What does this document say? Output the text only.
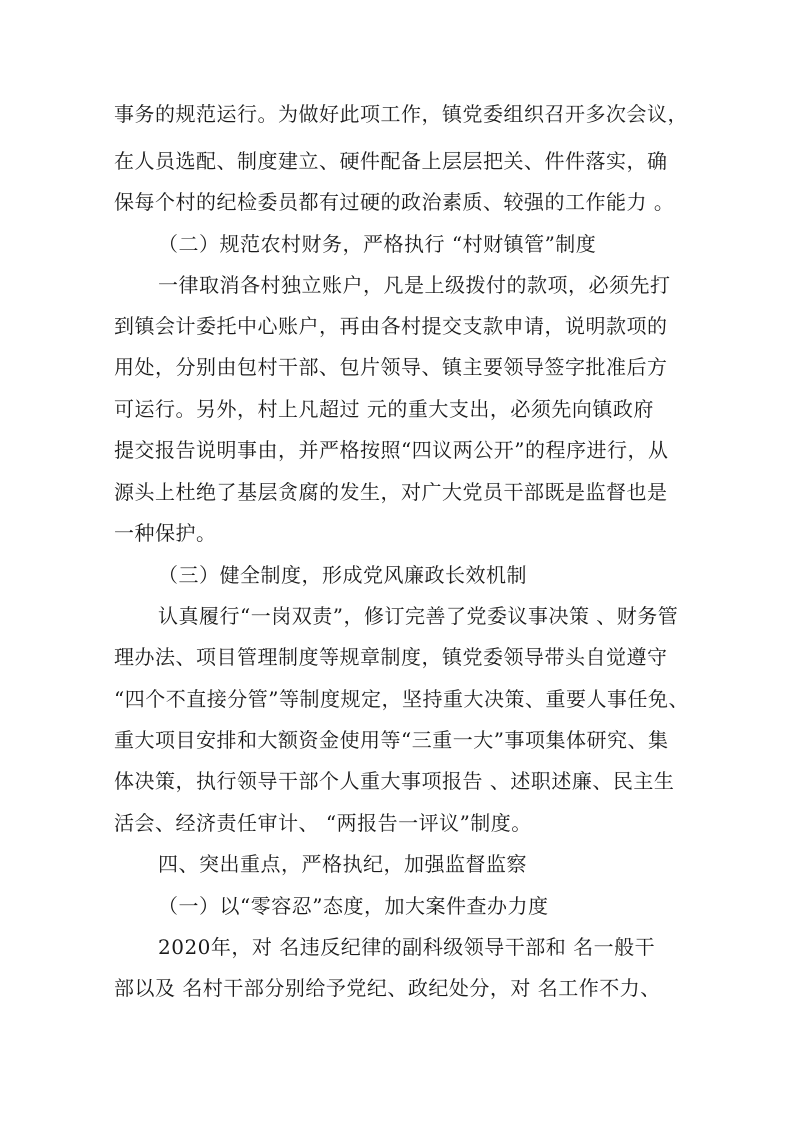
事务的规范运行。为做好此项工作，镇党委组织召开多次会议，
在人员选配、制度建立、硬件配备上层层把关、件件落实，确
保每个村的纪检委员都有过硬的政治素质、较强的工作能力 。
（二）规范农村财务，严格执行 “村财镇管”制度
一律取消各村独立账户，凡是上级拨付的款项，必须先打
到镇会计委托中心账户，再由各村提交支款申请，说明款项的
用处，分别由包村干部、包片领导、镇主要领导签字批准后方
可运行。另外，村上凡超过 元的重大支出，必须先向镇政府
提交报告说明事由，并严格按照“四议两公开”的程序进行，从
源头上杜绝了基层贪腐的发生，对广大党员干部既是监督也是
一种保护。
（三）健全制度，形成党风廉政长效机制
认真履行“一岗双责”，修订完善了党委议事决策 、财务管
理办法、项目管理制度等规章制度，镇党委领导带头自觉遵守
“四个不直接分管”等制度规定，坚持重大决策、重要人事任免、
重大项目安排和大额资金使用等“三重一大”事项集体研究、集
体决策，执行领导干部个人重大事项报告 、述职述廉、民主生
活会、经济责任审计、 “两报告一评议”制度。
四、突出重点，严格执纪，加强监督监察
（一）以“零容忍”态度，加大案件查办力度
2020年，对 名违反纪律的副科级领导干部和 名一般干
部以及 名村干部分别给予党纪、政纪处分，对 名工作不力、
